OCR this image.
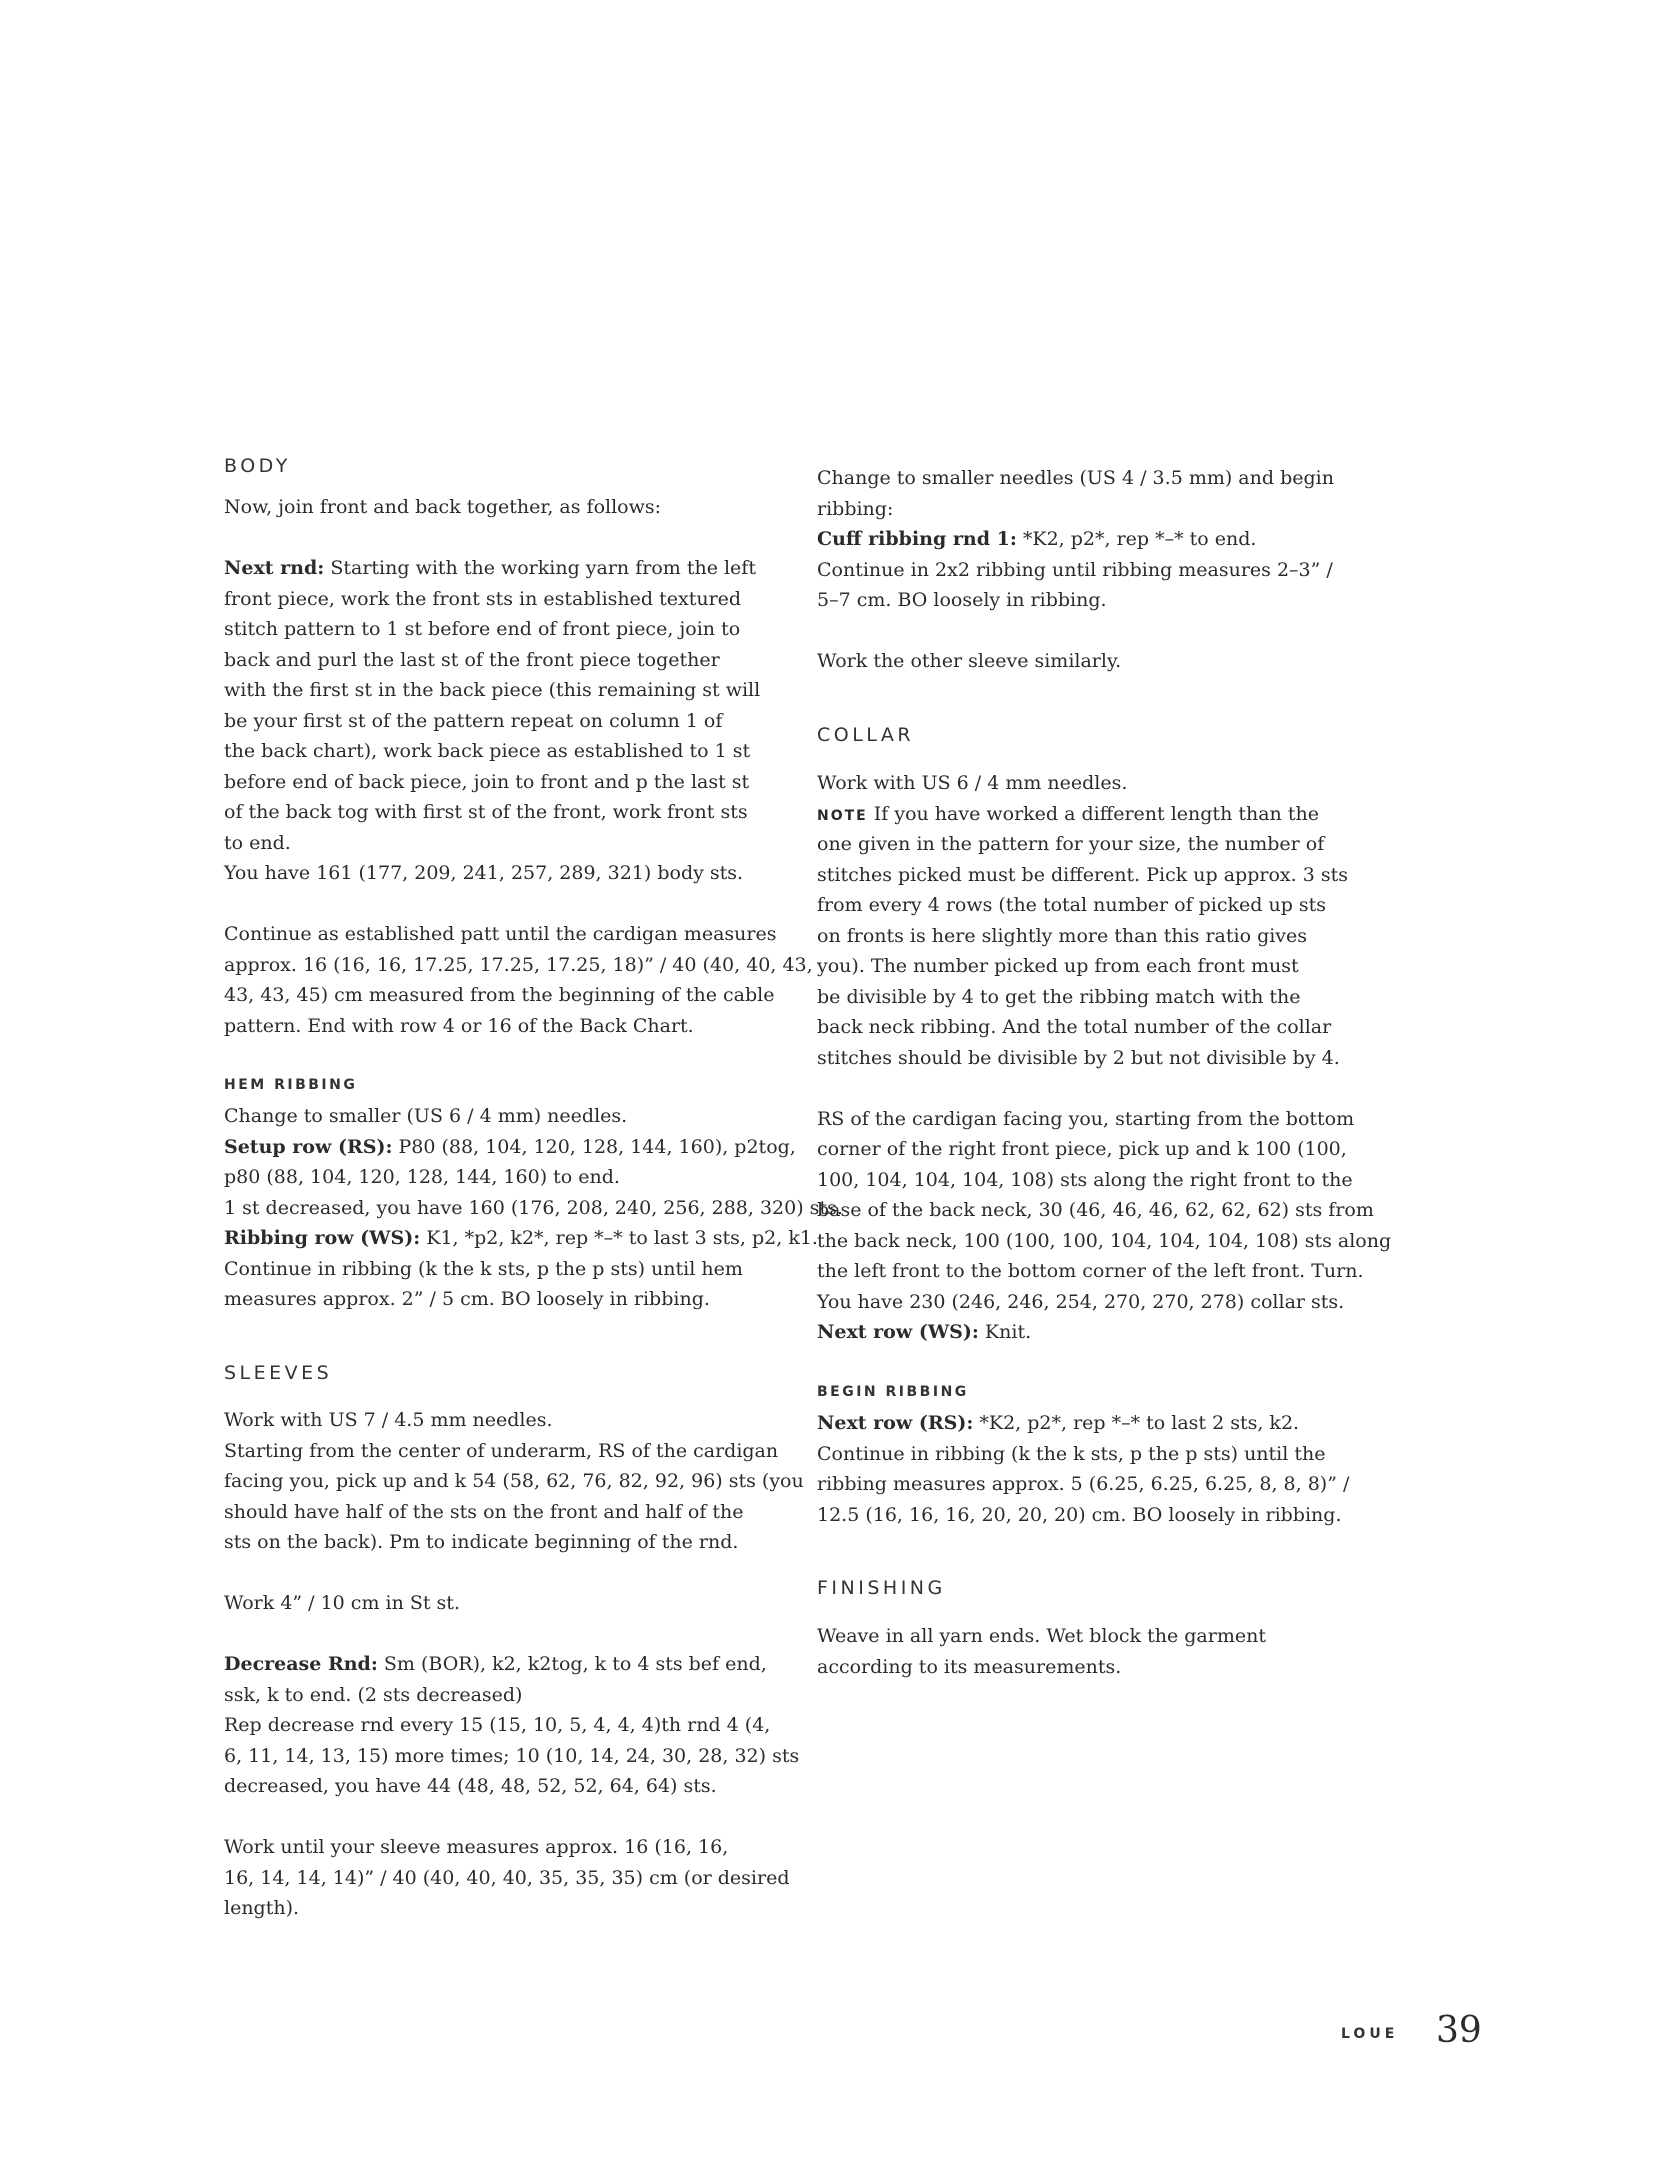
BODY

Now, join front and back together, as follows:

Next rnd: Starting with the working yarn from the left

front piece, work the front sts in established textured

stitch pattern to 1 st before end of front piece, join to

back and purl the last st of the front piece together

with the first st in the back piece (this remaining st will

be your first st of the pattern repeat on column 1 of

the back chart), work back piece as established to 1 st

before end of back piece, join to front and p the last st

of the back tog with first st of the front, work front sts

to end.

You have 161 (177, 209, 241, 257, 289, 321) body sts.

Continue as established patt until the cardigan measures

approx. 16 (16, 16, 17.25, 17.25, 17.25, 18)” / 40 (40, 40, 43,

43, 43, 45) cm measured from the beginning of the cable

pattern. End with row 4 or 16 of the Back Chart.

HEM RIBBING

Change to smaller (US 6 / 4 mm) needles.

Setup row (RS): P80 (88, 104, 120, 128, 144, 160), p2tog,

p80 (88, 104, 120, 128, 144, 160) to end.

1 st decreased, you have 160 (176, 208, 240, 256, 288, 320) sts.

Ribbing row (WS): K1, *p2, k2*, rep *–* to last 3 sts, p2, k1.

Continue in ribbing (k the k sts, p the p sts) until hem

measures approx. 2” / 5 cm. BO loosely in ribbing.

SLEEVES

Work with US 7 / 4.5 mm needles.

Starting from the center of underarm, RS of the cardigan

facing you, pick up and k 54 (58, 62, 76, 82, 92, 96) sts (you

should have half of the sts on the front and half of the

sts on the back). Pm to indicate beginning of the rnd.

Work 4” / 10 cm in St st.

Decrease Rnd: Sm (BOR), k2, k2tog, k to 4 sts bef end,

ssk, k to end. (2 sts decreased)

Rep decrease rnd every 15 (15, 10, 5, 4, 4, 4)th rnd 4 (4,

6, 11, 14, 13, 15) more times; 10 (10, 14, 24, 30, 28, 32) sts

decreased, you have 44 (48, 48, 52, 52, 64, 64) sts.

Work until your sleeve measures approx. 16 (16, 16,

16, 14, 14, 14)” / 40 (40, 40, 40, 35, 35, 35) cm (or desired

length).

Change to smaller needles (US 4 / 3.5 mm) and begin

ribbing:

Cuff ribbing rnd 1: *K2, p2*, rep *–* to end.

Continue in 2x2 ribbing until ribbing measures 2–3” /

5–7 cm. BO loosely in ribbing.

Work the other sleeve similarly.

COLLAR

Work with US 6 / 4 mm needles.

NOTE If you have worked a different length than the

one given in the pattern for your size, the number of

stitches picked must be different. Pick up approx. 3 sts

from every 4 rows (the total number of picked up sts

on fronts is here slightly more than this ratio gives

you). The number picked up from each front must

be divisible by 4 to get the ribbing match with the

back neck ribbing. And the total number of the collar

stitches should be divisible by 2 but not divisible by 4.

RS of the cardigan facing you, starting from the bottom

corner of the right front piece, pick up and k 100 (100,

100, 104, 104, 104, 108) sts along the right front to the

base of the back neck, 30 (46, 46, 46, 62, 62, 62) sts from

the back neck, 100 (100, 100, 104, 104, 104, 108) sts along

the left front to the bottom corner of the left front. Turn.

You have 230 (246, 246, 254, 270, 270, 278) collar sts.

Next row (WS): Knit.

BEGIN RIBBING

Next row (RS): *K2, p2*, rep *–* to last 2 sts, k2.

Continue in ribbing (k the k sts, p the p sts) until the

ribbing measures approx. 5 (6.25, 6.25, 6.25, 8, 8, 8)” /

12.5 (16, 16, 16, 20, 20, 20) cm. BO loosely in ribbing.

FINISHING

Weave in all yarn ends. Wet block the garment

according to its measurements.

LOUE 39
